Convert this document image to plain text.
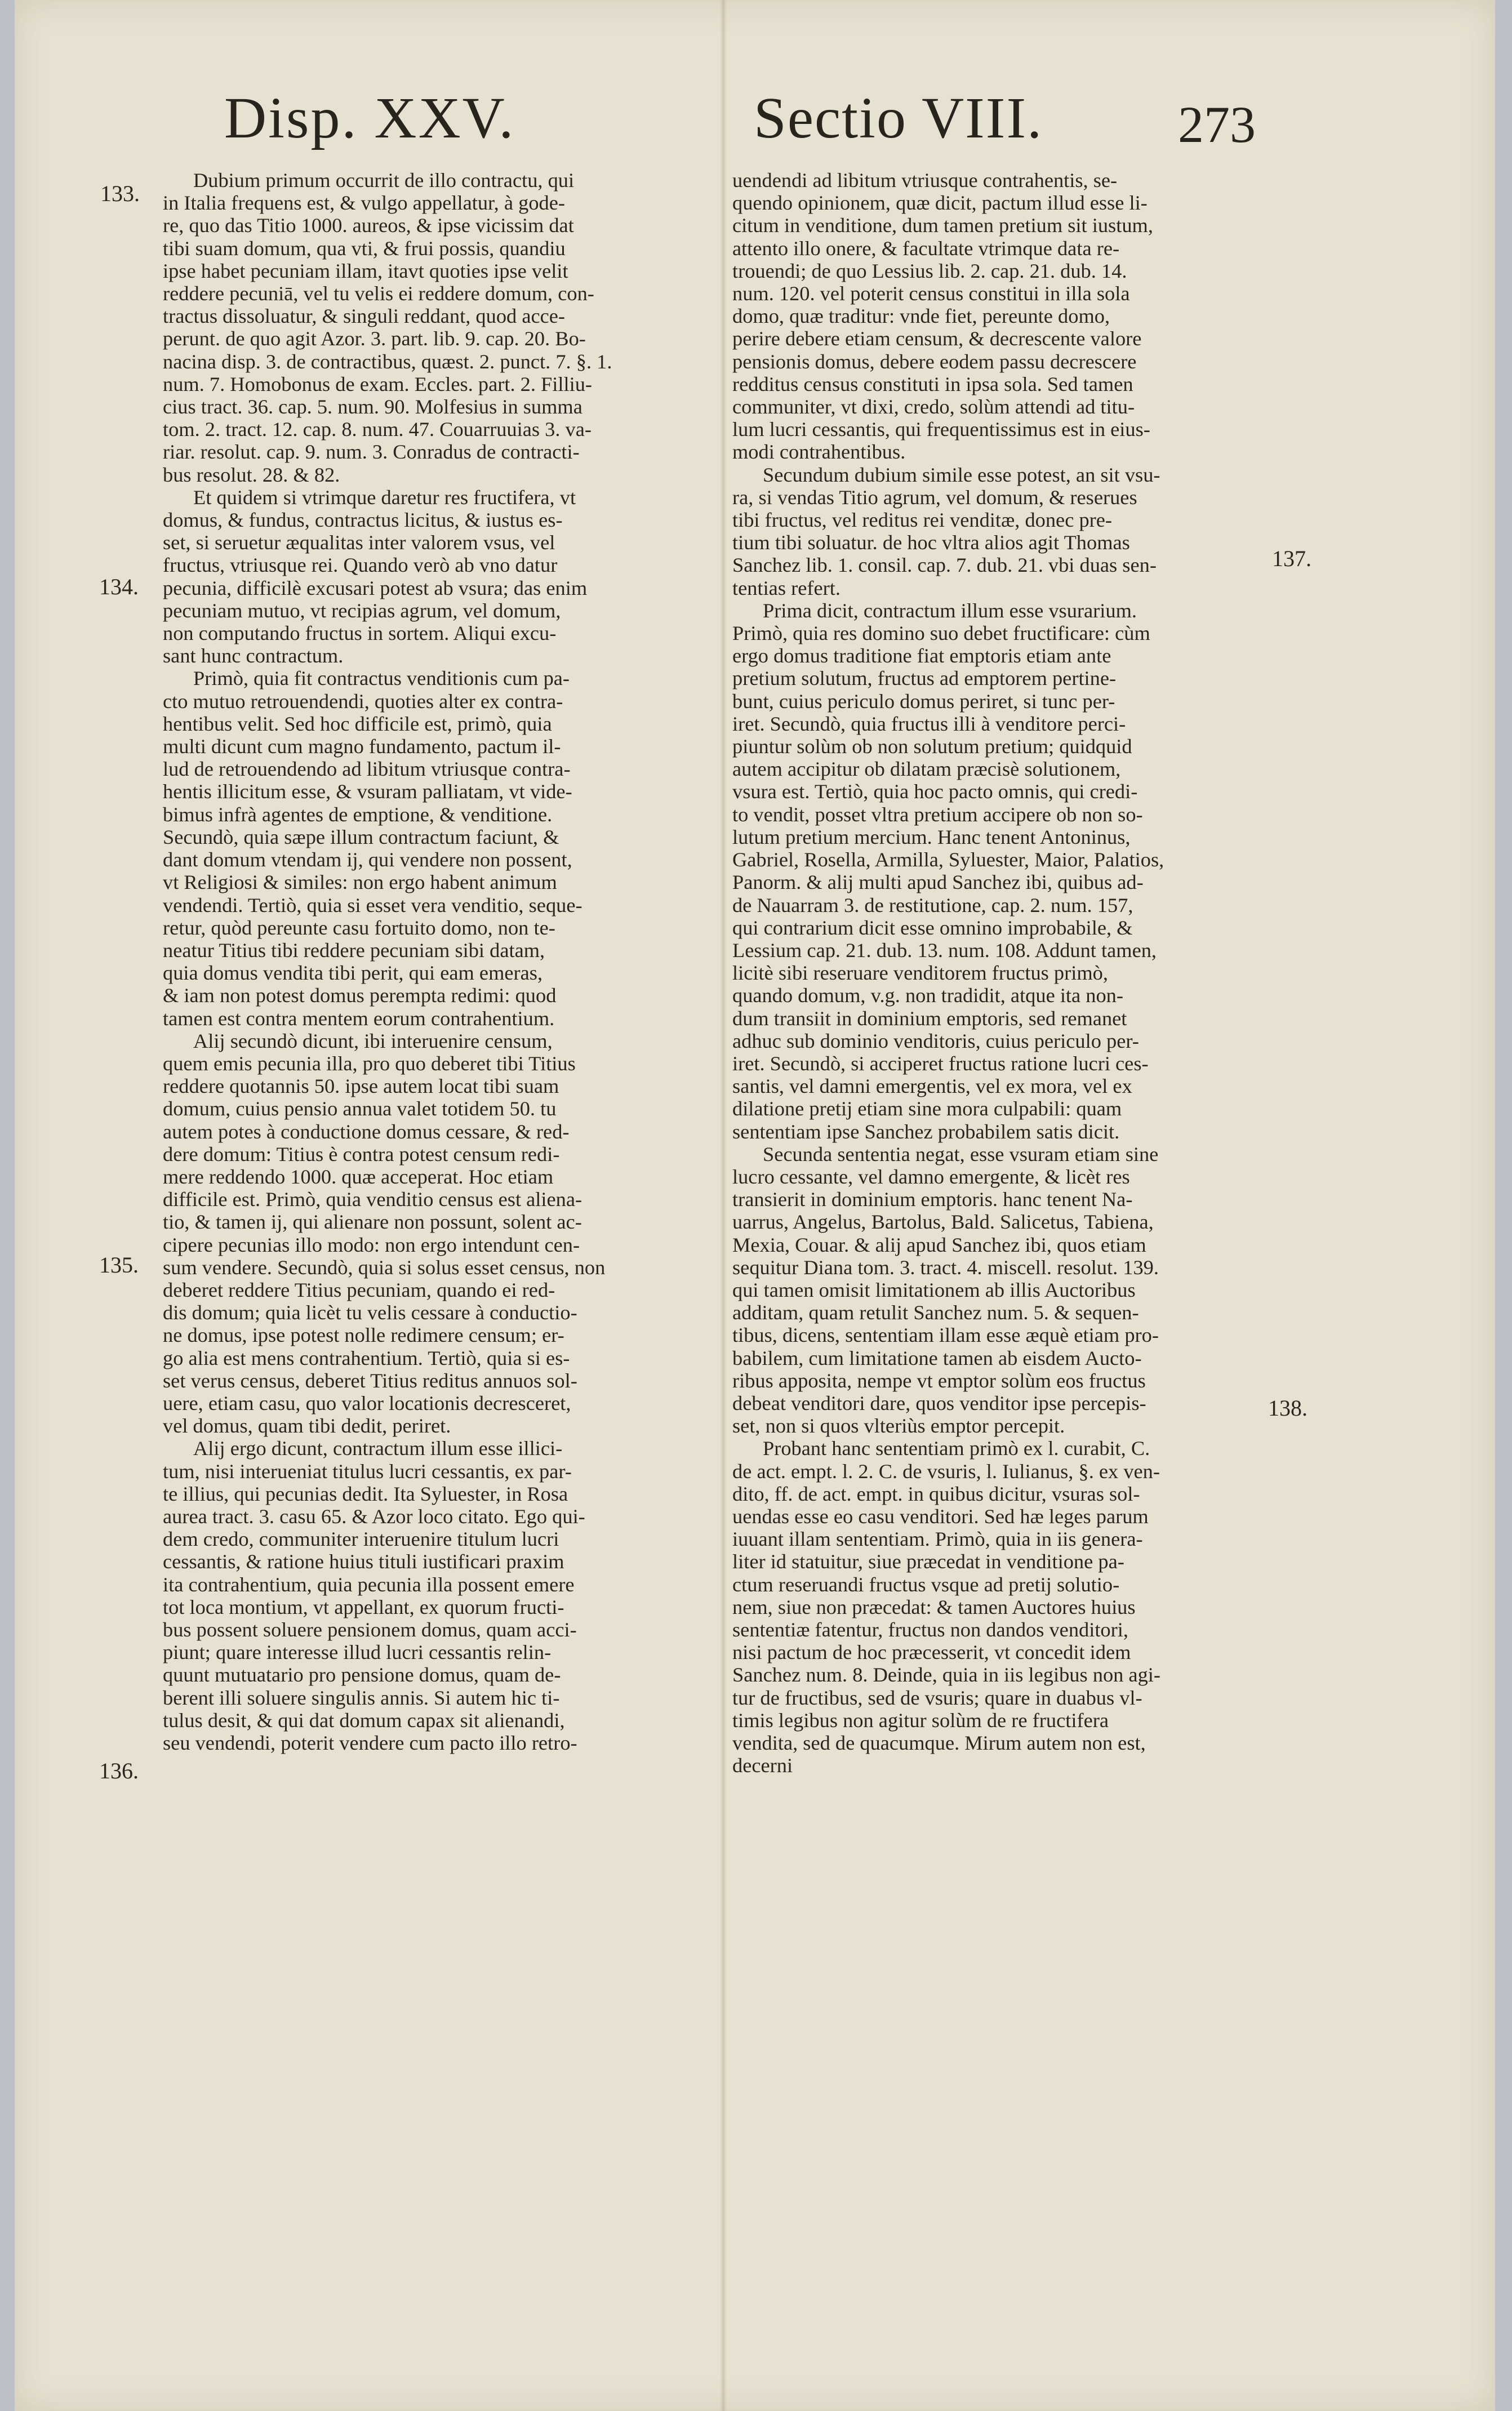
Disp. XXV.	Sectio VIII.	273
133.
134.
135.
136.
137.
138.

Dubium primum occurrit de illo contractu, qui
in Italia frequens est, & vulgo appellatur, à gode-
re, quo das Titio 1000. aureos, & ipse vicissim dat
tibi suam domum, qua vti, & frui possis, quandiu
ipse habet pecuniam illam, itavt quoties ipse velit
reddere pecuniā, vel tu velis ei reddere domum, con-
tractus dissoluatur, & singuli reddant, quod acce-
perunt. de quo agit Azor. 3. part. lib. 9. cap. 20. Bo-
nacina disp. 3. de contractibus, quæst. 2. punct. 7. §. 1.
num. 7. Homobonus de exam. Eccles. part. 2. Filliu-
cius tract. 36. cap. 5. num. 90. Molfesius in summa
tom. 2. tract. 12. cap. 8. num. 47. Couarruuias 3. va-
riar. resolut. cap. 9. num. 3. Conradus de contracti-
bus resolut. 28. & 82.

Et quidem si vtrimque daretur res fructifera, vt
domus, & fundus, contractus licitus, & iustus es-
set, si seruetur æqualitas inter valorem vsus, vel
fructus, vtriusque rei. Quando verò ab vno datur
pecunia, difficilè excusari potest ab vsura; das enim
pecuniam mutuo, vt recipias agrum, vel domum,
non computando fructus in sortem. Aliqui excu-
sant hunc contractum.

Primò, quia fit contractus venditionis cum pa-
cto mutuo retrouendendi, quoties alter ex contra-
hentibus velit. Sed hoc difficile est, primò, quia
multi dicunt cum magno fundamento, pactum il-
lud de retrouendendo ad libitum vtriusque contra-
hentis illicitum esse, & vsuram palliatam, vt vide-
bimus infrà agentes de emptione, & venditione.
Secundò, quia sæpe illum contractum faciunt, &
dant domum vtendam ij, qui vendere non possent,
vt Religiosi & similes: non ergo habent animum
vendendi. Tertiò, quia si esset vera venditio, seque-
retur, quòd pereunte casu fortuito domo, non te-
neatur Titius tibi reddere pecuniam sibi datam,
quia domus vendita tibi perit, qui eam emeras,
& iam non potest domus perempta redimi: quod
tamen est contra mentem eorum contrahentium.

Alij secundò dicunt, ibi interuenire censum,
quem emis pecunia illa, pro quo deberet tibi Titius
reddere quotannis 50. ipse autem locat tibi suam
domum, cuius pensio annua valet totidem 50. tu
autem potes à conductione domus cessare, & red-
dere domum: Titius è contra potest censum redi-
mere reddendo 1000. quæ acceperat. Hoc etiam
difficile est. Primò, quia venditio census est aliena-
tio, & tamen ij, qui alienare non possunt, solent ac-
cipere pecunias illo modo: non ergo intendunt cen-
sum vendere. Secundò, quia si solus esset census, non
deberet reddere Titius pecuniam, quando ei red-
dis domum; quia licèt tu velis cessare à conductio-
ne domus, ipse potest nolle redimere censum; er-
go alia est mens contrahentium. Tertiò, quia si es-
set verus census, deberet Titius reditus annuos sol-
uere, etiam casu, quo valor locationis decresceret,
vel domus, quam tibi dedit, periret.

Alij ergo dicunt, contractum illum esse illici-
tum, nisi interueniat titulus lucri cessantis, ex par-
te illius, qui pecunias dedit. Ita Syluester, in Rosa
aurea tract. 3. casu 65. & Azor loco citato. Ego qui-
dem credo, communiter interuenire titulum lucri
cessantis, & ratione huius tituli iustificari praxim
ita contrahentium, quia pecunia illa possent emere
tot loca montium, vt appellant, ex quorum fructi-
bus possent soluere pensionem domus, quam acci-
piunt; quare interesse illud lucri cessantis relin-
quunt mutuatario pro pensione domus, quam de-
berent illi soluere singulis annis. Si autem hic ti-
tulus desit, & qui dat domum capax sit alienandi,
seu vendendi, poterit vendere cum pacto illo retro-

uendendi ad libitum vtriusque contrahentis, se-
quendo opinionem, quæ dicit, pactum illud esse li-
citum in venditione, dum tamen pretium sit iustum,
attento illo onere, & facultate vtrimque data re-
trouendi; de quo Lessius lib. 2. cap. 21. dub. 14.
num. 120. vel poterit census constitui in illa sola
domo, quæ traditur: vnde fiet, pereunte domo,
perire debere etiam censum, & decrescente valore
pensionis domus, debere eodem passu decrescere
redditus census constituti in ipsa sola. Sed tamen
communiter, vt dixi, credo, solùm attendi ad titu-
lum lucri cessantis, qui frequentissimus est in eius-
modi contrahentibus.

Secundum dubium simile esse potest, an sit vsu-
ra, si vendas Titio agrum, vel domum, & reserues
tibi fructus, vel reditus rei venditæ, donec pre-
tium tibi soluatur. de hoc vltra alios agit Thomas
Sanchez lib. 1. consil. cap. 7. dub. 21. vbi duas sen-
tentias refert.

Prima dicit, contractum illum esse vsurarium.
Primò, quia res domino suo debet fructificare: cùm
ergo domus traditione fiat emptoris etiam ante
pretium solutum, fructus ad emptorem pertine-
bunt, cuius periculo domus periret, si tunc per-
iret. Secundò, quia fructus illi à venditore perci-
piuntur solùm ob non solutum pretium; quidquid
autem accipitur ob dilatam præcisè solutionem,
vsura est. Tertiò, quia hoc pacto omnis, qui credi-
to vendit, posset vltra pretium accipere ob non so-
lutum pretium mercium. Hanc tenent Antoninus,
Gabriel, Rosella, Armilla, Syluester, Maior, Palatios,
Panorm. & alij multi apud Sanchez ibi, quibus ad-
de Nauarram 3. de restitutione, cap. 2. num. 157,
qui contrarium dicit esse omnino improbabile, &
Lessium cap. 21. dub. 13. num. 108. Addunt tamen,
licitè sibi reseruare venditorem fructus primò,
quando domum, v.g. non tradidit, atque ita non-
dum transiit in dominium emptoris, sed remanet
adhuc sub dominio venditoris, cuius periculo per-
iret. Secundò, si acciperet fructus ratione lucri ces-
santis, vel damni emergentis, vel ex mora, vel ex
dilatione pretij etiam sine mora culpabili: quam
sententiam ipse Sanchez probabilem satis dicit.

Secunda sententia negat, esse vsuram etiam sine
lucro cessante, vel damno emergente, & licèt res
transierit in dominium emptoris. hanc tenent Na-
uarrus, Angelus, Bartolus, Bald. Salicetus, Tabiena,
Mexia, Couar. & alij apud Sanchez ibi, quos etiam
sequitur Diana tom. 3. tract. 4. miscell. resolut. 139.
qui tamen omisit limitationem ab illis Auctoribus
additam, quam retulit Sanchez num. 5. & sequen-
tibus, dicens, sententiam illam esse æquè etiam pro-
babilem, cum limitatione tamen ab eisdem Aucto-
ribus apposita, nempe vt emptor solùm eos fructus
debeat venditori dare, quos venditor ipse percepis-
set, non si quos vlteriùs emptor percepit.

Probant hanc sententiam primò ex l. curabit, C.
de act. empt. l. 2. C. de vsuris, l. Iulianus, §. ex ven-
dito, ff. de act. empt. in quibus dicitur, vsuras sol-
uendas esse eo casu venditori. Sed hæ leges parum
iuuant illam sententiam. Primò, quia in iis genera-
liter id statuitur, siue præcedat in venditione pa-
ctum reseruandi fructus vsque ad pretij solutio-
nem, siue non præcedat: & tamen Auctores huius
sententiæ fatentur, fructus non dandos venditori,
nisi pactum de hoc præcesserit, vt concedit idem
Sanchez num. 8. Deinde, quia in iis legibus non agi-
tur de fructibus, sed de vsuris; quare in duabus vl-
timis legibus non agitur solùm de re fructifera
vendita, sed de quacumque. Mirum autem non est,
decerni
